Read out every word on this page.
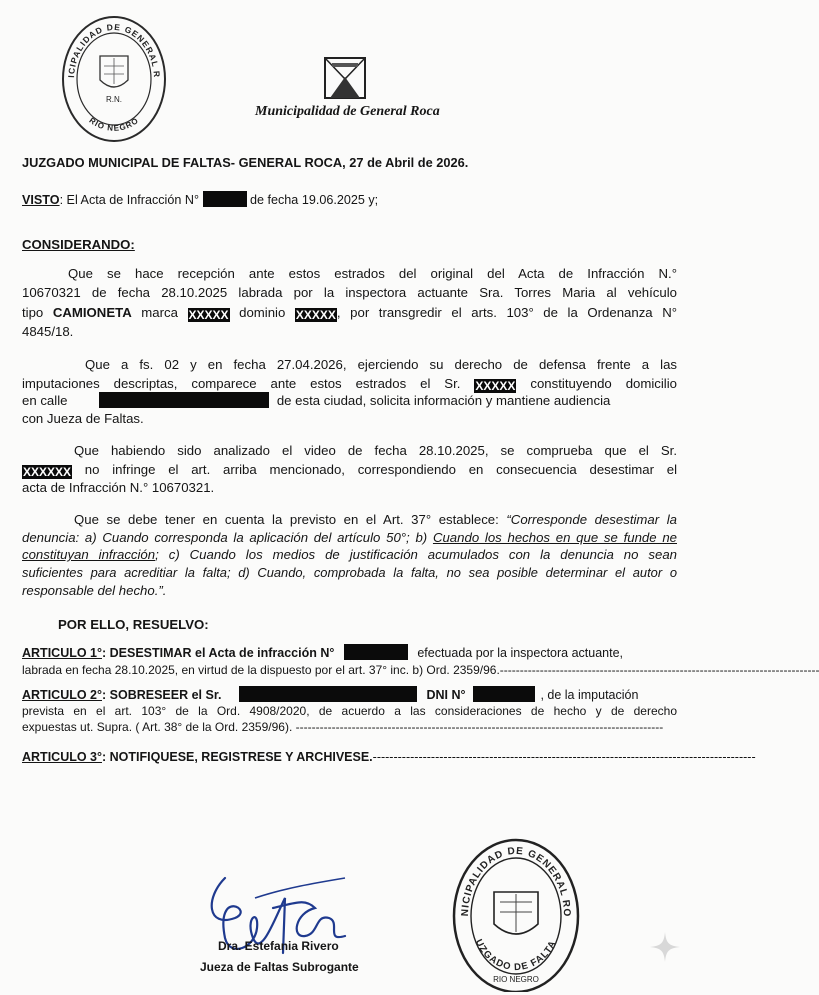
ICIPALIDAD DE GENERAL R
RIO NEGRO
R.N.
Municipalidad de General Roca
JUZGADO MUNICIPAL DE FALTAS- GENERAL ROCA, 27 de Abril de 2026.
VISTO: El Acta de Infracción N°	de fecha 19.06.2025 y;
CONSIDERANDO:
Que se hace recepción ante estos estrados del original del Acta de Infracción N.°
10670321 de fecha 28.10.2025 labrada por la inspectora actuante Sra. Torres Maria al vehículo
tipo CAMIONETA marca XXXXX dominio XXXXX, por transgredir el arts. 103° de la Ordenanza N°
4845/18.
Que a fs. 02 y en fecha 27.04.2026, ejerciendo su derecho de defensa frente a las
imputaciones descriptas, comparece ante estos estrados el Sr. XXXXX constituyendo domicilio
en calle	de esta ciudad, solicita información y mantiene audiencia
con Jueza de Faltas.
Que habiendo sido analizado el video de fecha 28.10.2025, se comprueba que el Sr.
XXXXXX no infringe el art. arriba mencionado, correspondiendo en consecuencia desestimar el
acta de Infracción N.° 10670321.
Que se debe tener en cuenta la previsto en el Art. 37° establece: “Corresponde desestimar la
denuncia: a) Cuando corresponda la aplicación del artículo 50°; b) Cuando los hechos en que se funde ne
constituyan infracción; c) Cuando los medios de justificación acumulados con la denuncia no sean
suficientes para acreditiar la falta; d) Cuando, comprobada la falta, no sea posible determinar el autor o
responsable del hecho.”.
POR ELLO, RESUELVO:
ARTICULO 1°: DESESTIMAR el Acta de infracción N°	efectuada por la inspectora actuante,
labrada en fecha 28.10.2025, en virtud de la dispuesto por el art. 37° inc. b) Ord. 2359/96.--------------------------------------------------------------------------------
ARTICULO 2°: SOBRESEER el Sr.	DNI N°	, de la imputación
prevista en el art. 103° de la Ord. 4908/2020, de acuerdo a las consideraciones de hecho y de derecho
expuestas ut. Supra. ( Art. 38° de la Ord. 2359/96). --------------------------------------------------------------------------------------------
ARTICULO 3°: NOTIFIQUESE, REGISTRESE Y ARCHIVESE.--------------------------------------------------------------------------------------------
Dra. Estefania Rivero
Jueza de Faltas Subrogante
NICIPALIDAD DE GENERAL RO
UZGADO DE FALTA
RIO NEGRO
